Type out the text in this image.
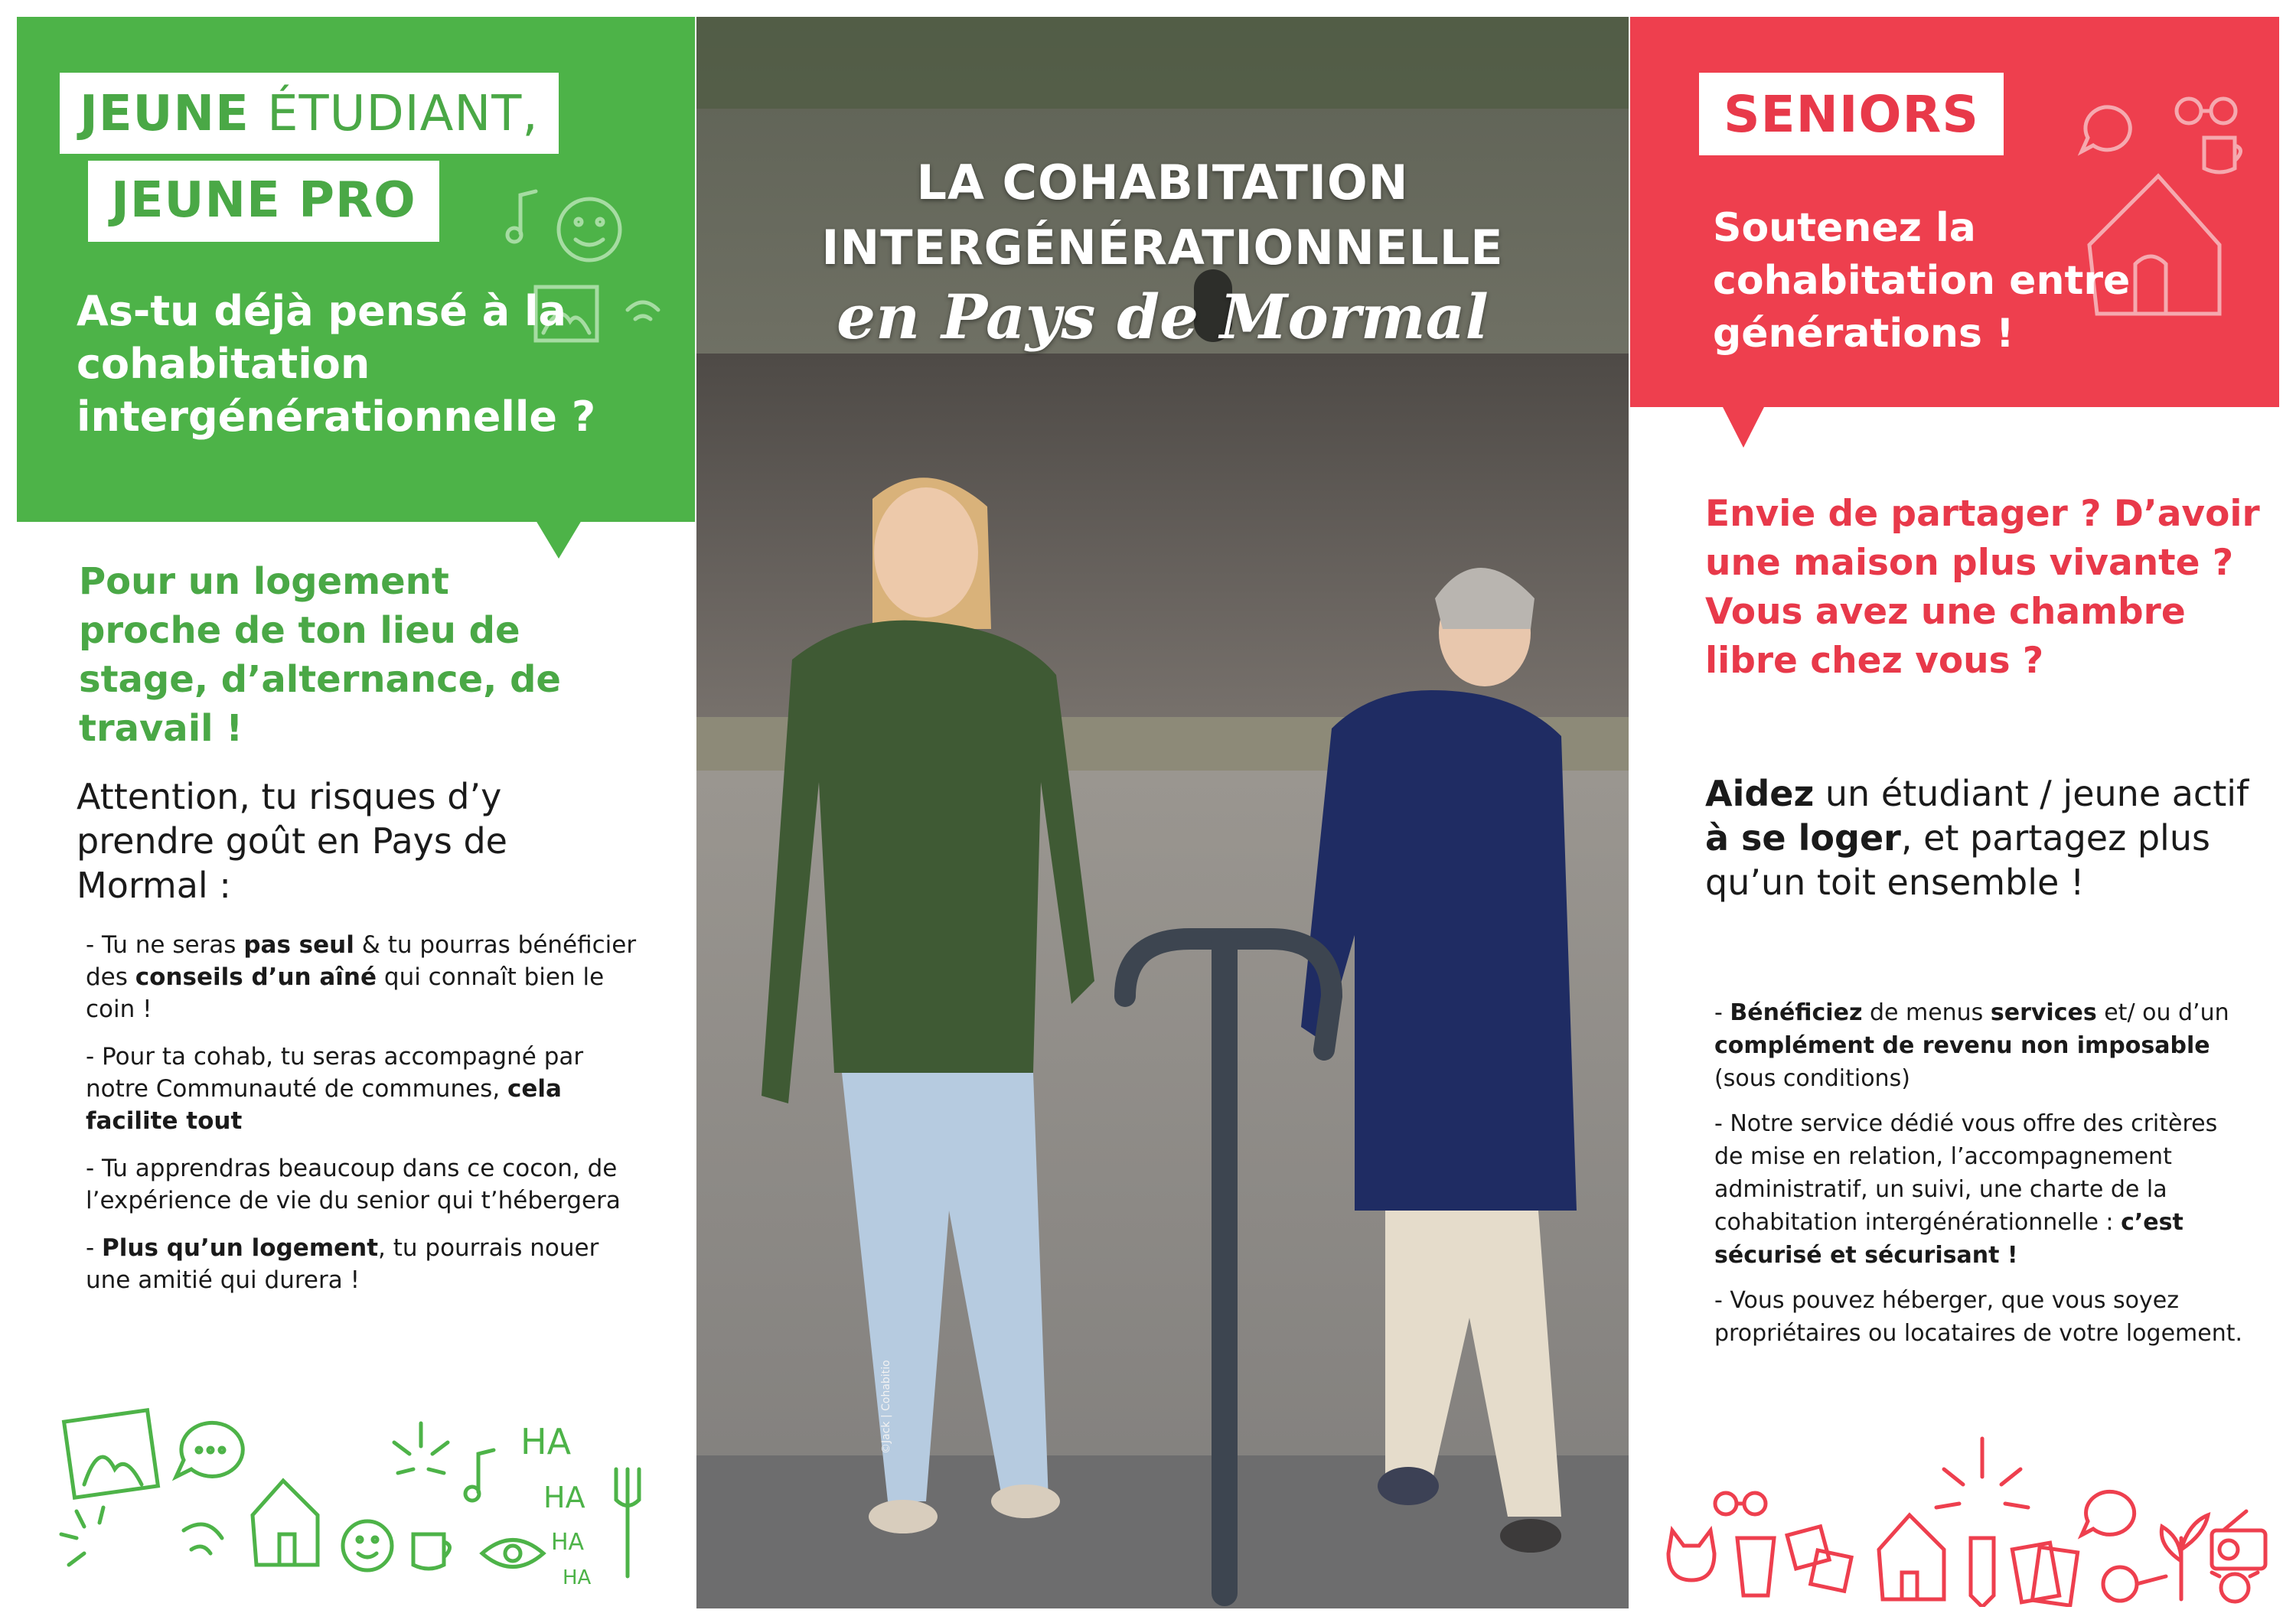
JEUNE ÉTUDIANT,
JEUNE PRO
As-tu déjà pensé à la cohabitation intergénérationnelle ?
Pour un logement proche de ton lieu de stage, d’alternance, de travail !
Attention, tu risques d’y prendre goût en Pays de Mormal :
- Tu ne seras pas seul & tu pourras bénéficier des conseils d’un aîné qui connaît bien le coin !
- Pour ta cohab, tu seras accompagné par notre Communauté de communes, cela facilite tout
- Tu apprendras beaucoup dans ce cocon, de l’expérience de vie du senior qui t’hébergera
- Plus qu’un logement, tu pourrais nouer une amitié qui durera !
HA
HA
HA
HA
LA COHABITATION
INTERGÉNÉRATIONNELLE
en Pays de Mormal
©Jack | Cohabitio
SENIORS
Soutenez la cohabitation entre générations !
Envie de partager ? D’avoir une maison plus vivante ? Vous avez une chambre libre chez vous ?
Aidez un étudiant / jeune actif à se loger, et partagez plus qu’un toit ensemble !
- Bénéficiez de menus services et/ ou d’un complément de revenu non imposable (sous conditions)
- Notre service dédié vous offre des critères de mise en relation, l’accompagnement administratif, un suivi, une charte de la cohabitation intergénérationnelle : c’est sécurisé et sécurisant !
- Vous pouvez héberger, que vous soyez propriétaires ou locataires de votre logement.
